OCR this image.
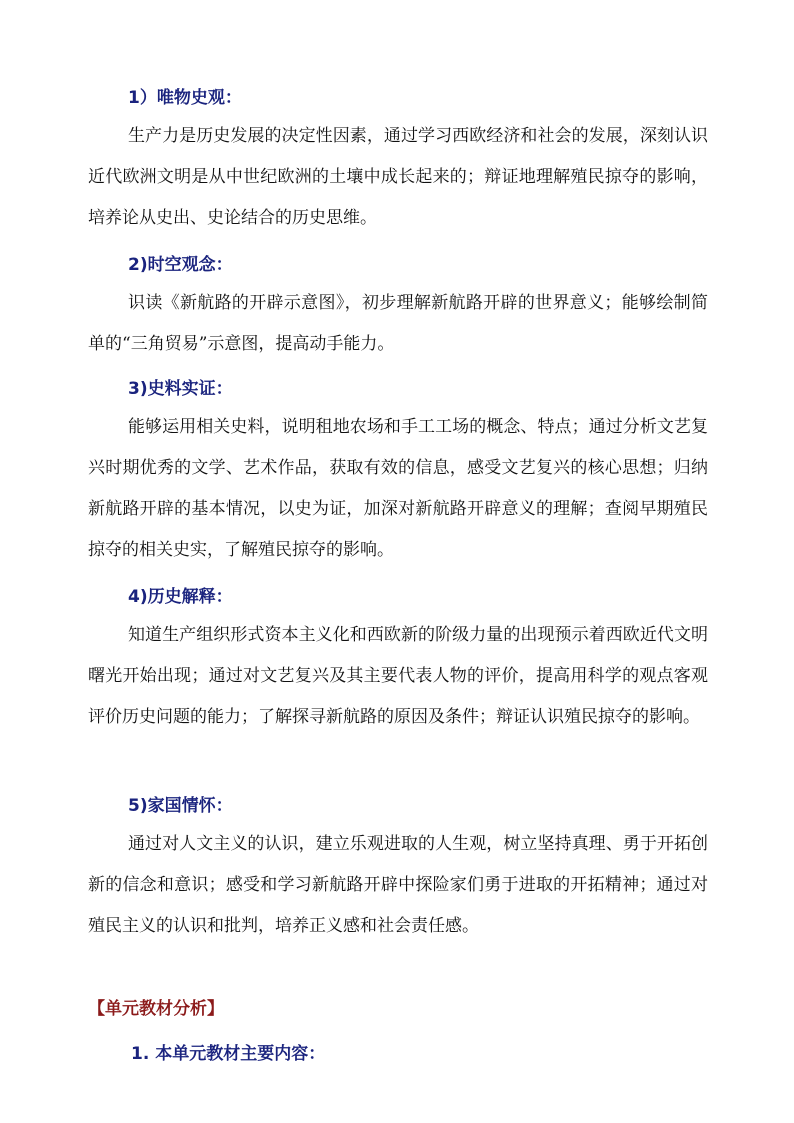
1）唯物史观：
生产力是历史发展的决定性因素，通过学习西欧经济和社会的发展，深刻认识近代欧洲文明是从中世纪欧洲的土壤中成长起来的；辩证地理解殖民掠夺的影响，培养论从史出、史论结合的历史思维。
2)时空观念：
识读《新航路的开辟示意图》，初步理解新航路开辟的世界意义；能够绘制简单的“三角贸易”示意图，提高动手能力。
3)史料实证：
能够运用相关史料，说明租地农场和手工工场的概念、特点；通过分析文艺复兴时期优秀的文学、艺术作品，获取有效的信息，感受文艺复兴的核心思想；归纳新航路开辟的基本情况，以史为证，加深对新航路开辟意义的理解；查阅早期殖民掠夺的相关史实，了解殖民掠夺的影响。
4)历史解释：
知道生产组织形式资本主义化和西欧新的阶级力量的出现预示着西欧近代文明曙光开始出现；通过对文艺复兴及其主要代表人物的评价，提高用科学的观点客观评价历史问题的能力；了解探寻新航路的原因及条件；辩证认识殖民掠夺的影响。
5)家国情怀：
通过对人文主义的认识，建立乐观进取的人生观，树立坚持真理、勇于开拓创新的信念和意识；感受和学习新航路开辟中探险家们勇于进取的开拓精神；通过对殖民主义的认识和批判，培养正义感和社会责任感。
【单元教材分析】
1. 本单元教材主要内容：
